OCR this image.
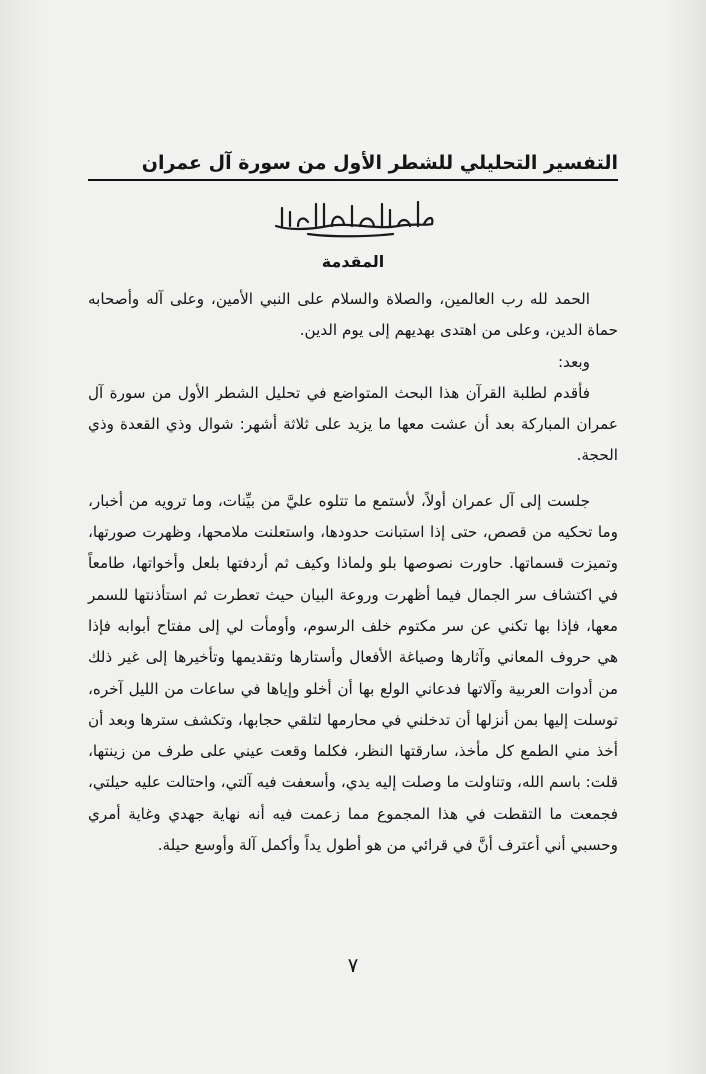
التفسير التحليلي للشطر الأول من سورة آل عمران
بسم الله الرحمن الرحيم
المقدمة

الحمد لله رب العالمين، والصلاة والسلام على النبي الأمين، وعلى آله وأصحابه حماة الدين، وعلى من اهتدى بهديهم إلى يوم الدين.

وبعد:

فأقدم لطلبة القرآن هذا البحث المتواضع في تحليل الشطر الأول من سورة آل عمران المباركة بعد أن عشت معها ما يزيد على ثلاثة أشهر: شوال وذي القعدة وذي الحجة.

جلست إلى آل عمران أولاً، لأستمع ما تتلوه عليَّ من بيِّنات، وما ترويه من أخبار، وما تحكيه من قصص، حتى إذا استبانت حدودها، واستعلنت ملامحها، وظهرت صورتها، وتميزت قسماتها. حاورت نصوصها بلو ولماذا وكيف ثم أردفتها بلعل وأخواتها، طامعاً في اكتشاف سر الجمال فيما أظهرت وروعة البيان حيث تعطرت ثم استأذنتها للسمر معها، فإذا بها تكني عن سر مكتوم خلف الرسوم، وأومأت لي إلى مفتاح أبوابه فإذا هي حروف المعاني وآثارها وصياغة الأفعال وأستارها وتقديمها وتأخيرها إلى غير ذلك من أدوات العربية وآلاتها فدعاني الولع بها أن أخلو وإياها في ساعات من الليل آخره، توسلت إليها بمن أنزلها أن تدخلني في محارمها لتلقي حجابها، وتكشف سترها وبعد أن أخذ مني الطمع كل مأخذ، سارقتها النظر، فكلما وقعت عيني على طرف من زينتها، قلت: باسم الله، وتناولت ما وصلت إليه يدي، وأسعفت فيه آلتي، واحتالت عليه حيلتي، فجمعت ما التقطت في هذا المجموع مما زعمت فيه أنه نهاية جهدي وغاية أمري وحسبي أني أعترف أنَّ في قرائي من هو أطول يداً وأكمل آلة وأوسع حيلة.

٧
